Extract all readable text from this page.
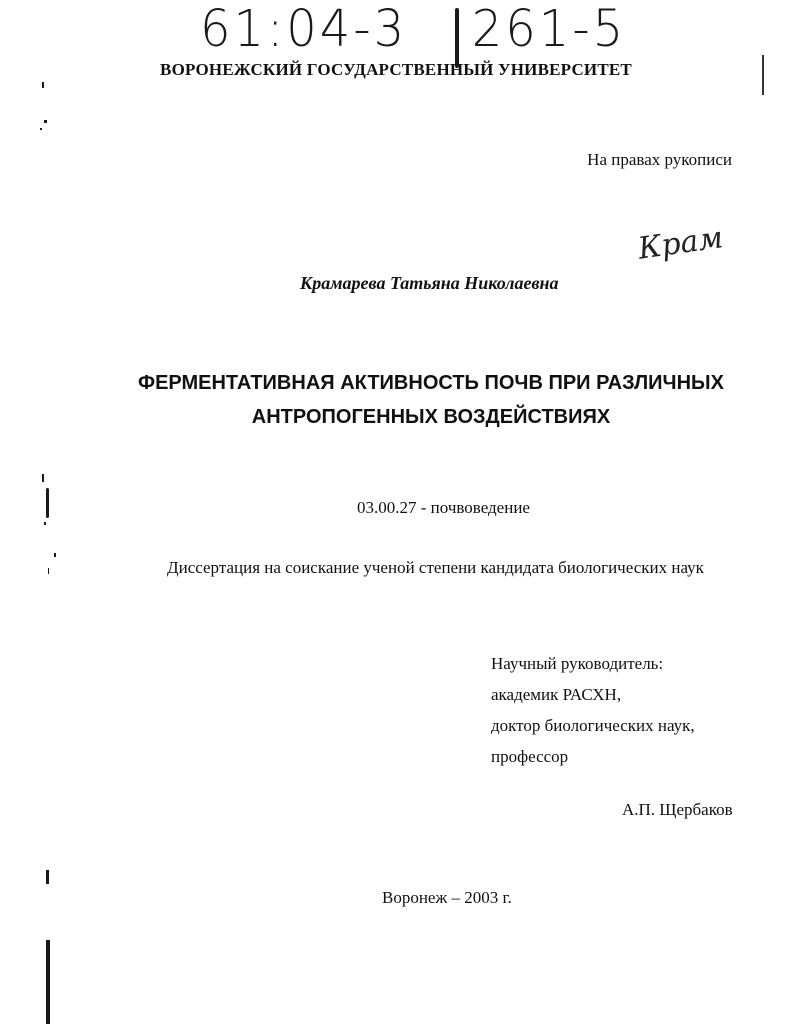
61:04-3 261-5
ВОРОНЕЖСКИЙ ГОСУДАРСТВЕННЫЙ УНИВЕРСИТЕТ
На правах рукописи
Крамарева Татьяна Николаевна
Крам
ФЕРМЕНТАТИВНАЯ АКТИВНОСТЬ ПОЧВ ПРИ РАЗЛИЧНЫХ
АНТРОПОГЕННЫХ ВОЗДЕЙСТВИЯХ
03.00.27 - почвоведение
Диссертация на соискание ученой степени кандидата биологических наук
Научный руководитель:
академик РАСХН,
доктор биологических наук,
профессор
А.П. Щербаков
Воронеж – 2003 г.
